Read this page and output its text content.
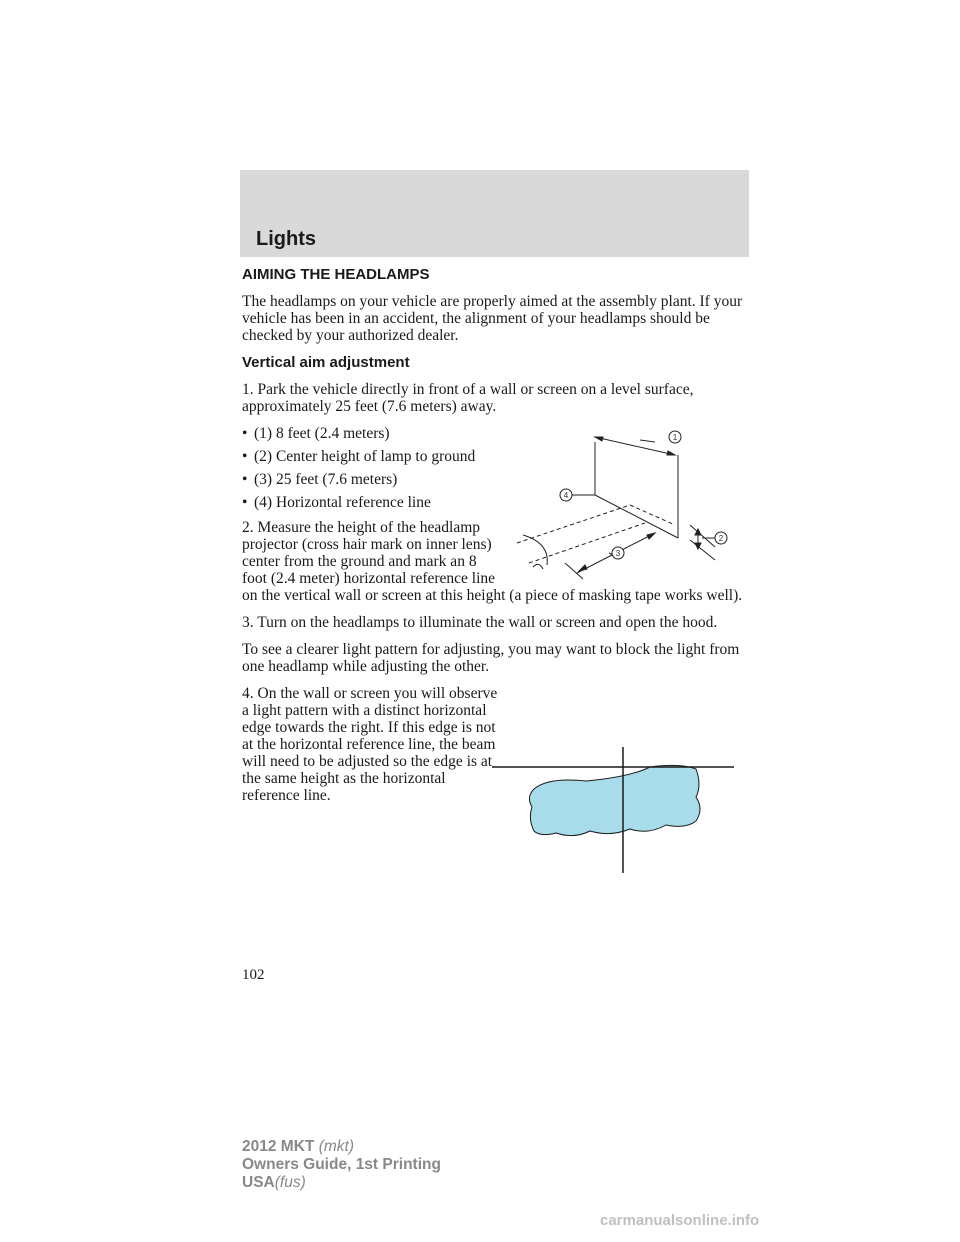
Lights
AIMING THE HEADLAMPS

The headlamps on your vehicle are properly aimed at the assembly plant. If your vehicle has been in an accident, the alignment of your headlamps should be checked by your authorized dealer.

Vertical aim adjustment

1. Park the vehicle directly in front of a wall or screen on a level surface, approximately 25 feet (7.6 meters) away.

• (1) 8 feet (2.4 meters)
• (2) Center height of lamp to ground
• (3) 25 feet (7.6 meters)
• (4) Horizontal reference line

2. Measure the height of the headlamp projector (cross hair mark on inner lens) center from the ground and mark an 8 foot (2.4 meter) horizontal reference line

on the vertical wall or screen at this height (a piece of masking tape works well).

3. Turn on the headlamps to illuminate the wall or screen and open the hood.

To see a clearer light pattern for adjusting, you may want to block the light from one headlamp while adjusting the other.

4. On the wall or screen you will observe a light pattern with a distinct horizontal edge towards the right. If this edge is not at the horizontal reference line, the beam will need to be adjusted so the edge is at the same height as the horizontal reference line.

1
4
3
2
102
2012 MKT (mkt)
Owners Guide, 1st Printing
USA(fus)
carmanualsonline.info
